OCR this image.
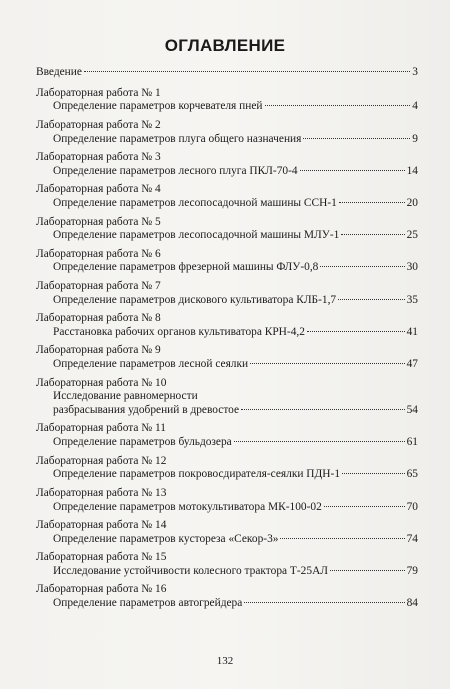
ОГЛАВЛЕНИЕ
Введение	3
Лабораторная работа № 1
Определение параметров корчевателя пней	4
Лабораторная работа № 2
Определение параметров плуга общего назначения	9
Лабораторная работа № 3
Определение параметров лесного плуга ПКЛ-70-4	14
Лабораторная работа № 4
Определение параметров лесопосадочной машины ССН-1	20
Лабораторная работа № 5
Определение параметров лесопосадочной машины МЛУ-1	25
Лабораторная работа № 6
Определение параметров фрезерной машины ФЛУ-0,8	30
Лабораторная работа № 7
Определение параметров дискового культиватора КЛБ-1,7	35
Лабораторная работа № 8
Расстановка рабочих органов культиватора КРН-4,2	41
Лабораторная работа № 9
Определение параметров лесной сеялки	47
Лабораторная работа № 10
Исследование равномерности
разбрасывания удобрений в древостое	54
Лабораторная работа № 11
Определение параметров бульдозера	61
Лабораторная работа № 12
Определение параметров покровосдирателя-сеялки ПДН-1	65
Лабораторная работа № 13
Определение параметров мотокультиватора МК-100-02	70
Лабораторная работа № 14
Определение параметров кустореза «Секор-3»	74
Лабораторная работа № 15
Исследование устойчивости колесного трактора Т-25АЛ	79
Лабораторная работа № 16
Определение параметров автогрейдера	84
132
